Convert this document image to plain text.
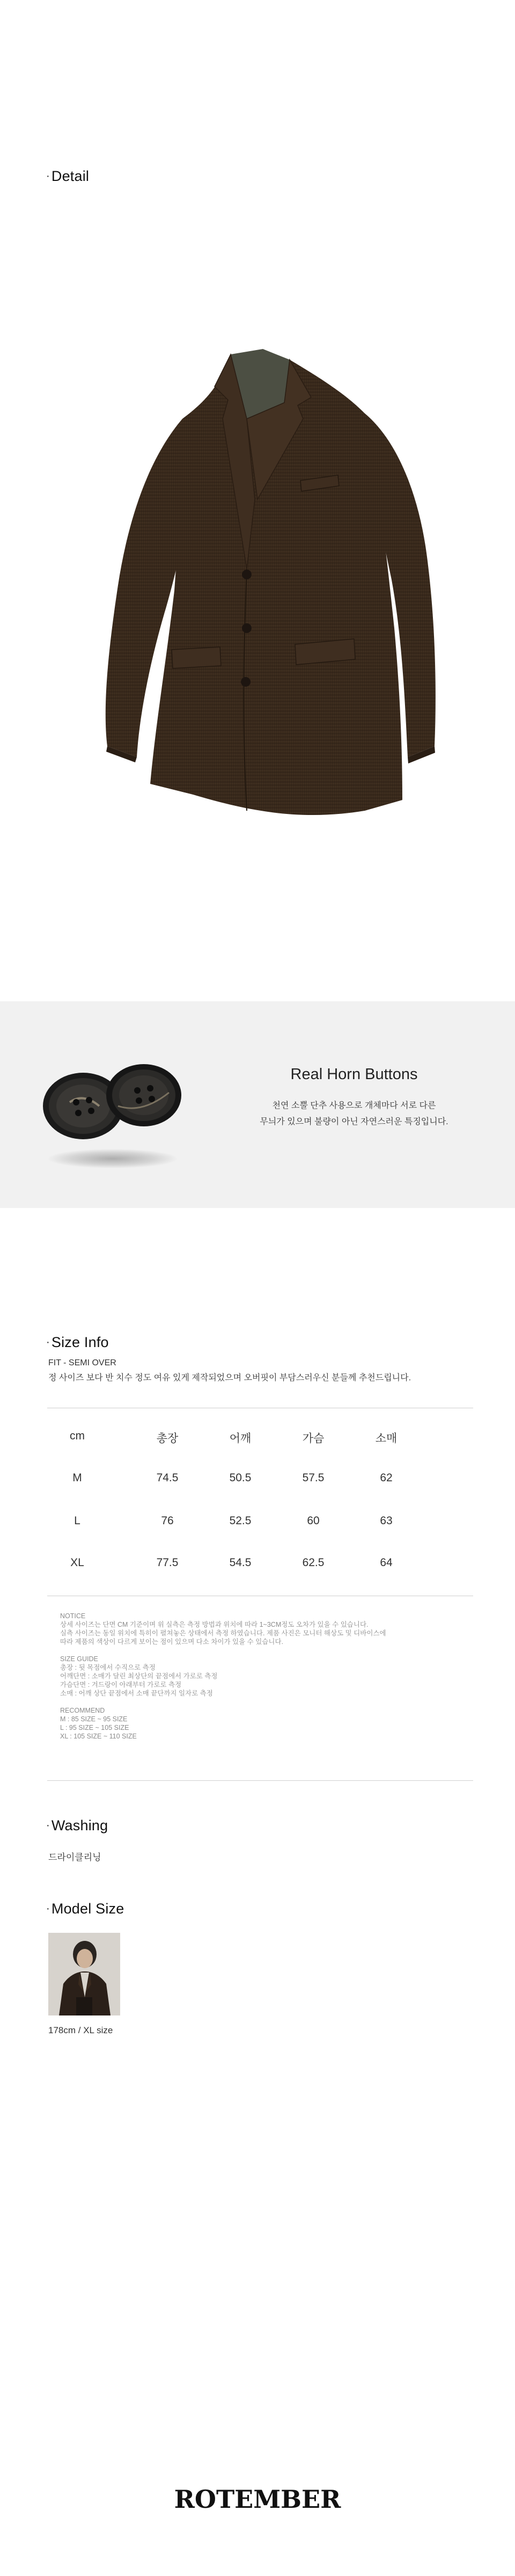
· Detail
Real Horn Buttons
천연 소뿔 단추 사용으로 개체마다 서로 다른
무늬가 있으며 불량이 아닌 자연스러운 특징입니다.
· Size Info
FIT - SEMI OVER
정 사이즈 보다 반 치수 정도 여유 있게 제작되었으며 오버핏이 부담스러우신 분들께 추천드립니다.
cm	총장	어깨	가슴	소매
M	74.5	50.5	57.5	62
L	76	52.5	60	63
XL	77.5	54.5	62.5	64
NOTICE
상세 사이즈는 단면 CM 기준이며 위 실측은 측정 방법과 위치에 따라 1~3CM정도 오차가 있을 수 있습니다.
실측 사이즈는 동일 위치에 특히이 펼쳐놓은 상태에서 측정 하였습니다. 제품 사진은 모니터 해상도 및 디바이스에
따라 제품의 색상이 다르게 보이는 점이 있으며 다소 차이가 있을 수 있습니다.
SIZE GUIDE
총장 : 뒷 목점에서 수직으로 측정
어깨단면 : 소매가 달린 최상단의 끝점에서 가로로 측정
가슴단면 : 겨드랑이 아래부터 가로로 측정
소매 : 어깨 상단 끝점에서 소매 끝단까지 일자로 측정
RECOMMEND
M : 85 SIZE ~ 95 SIZE
L : 95 SIZE ~ 105 SIZE
XL : 105 SIZE ~ 110 SIZE
· Washing
드라이클리닝
· Model Size
178cm / XL size
ROTEMBER
